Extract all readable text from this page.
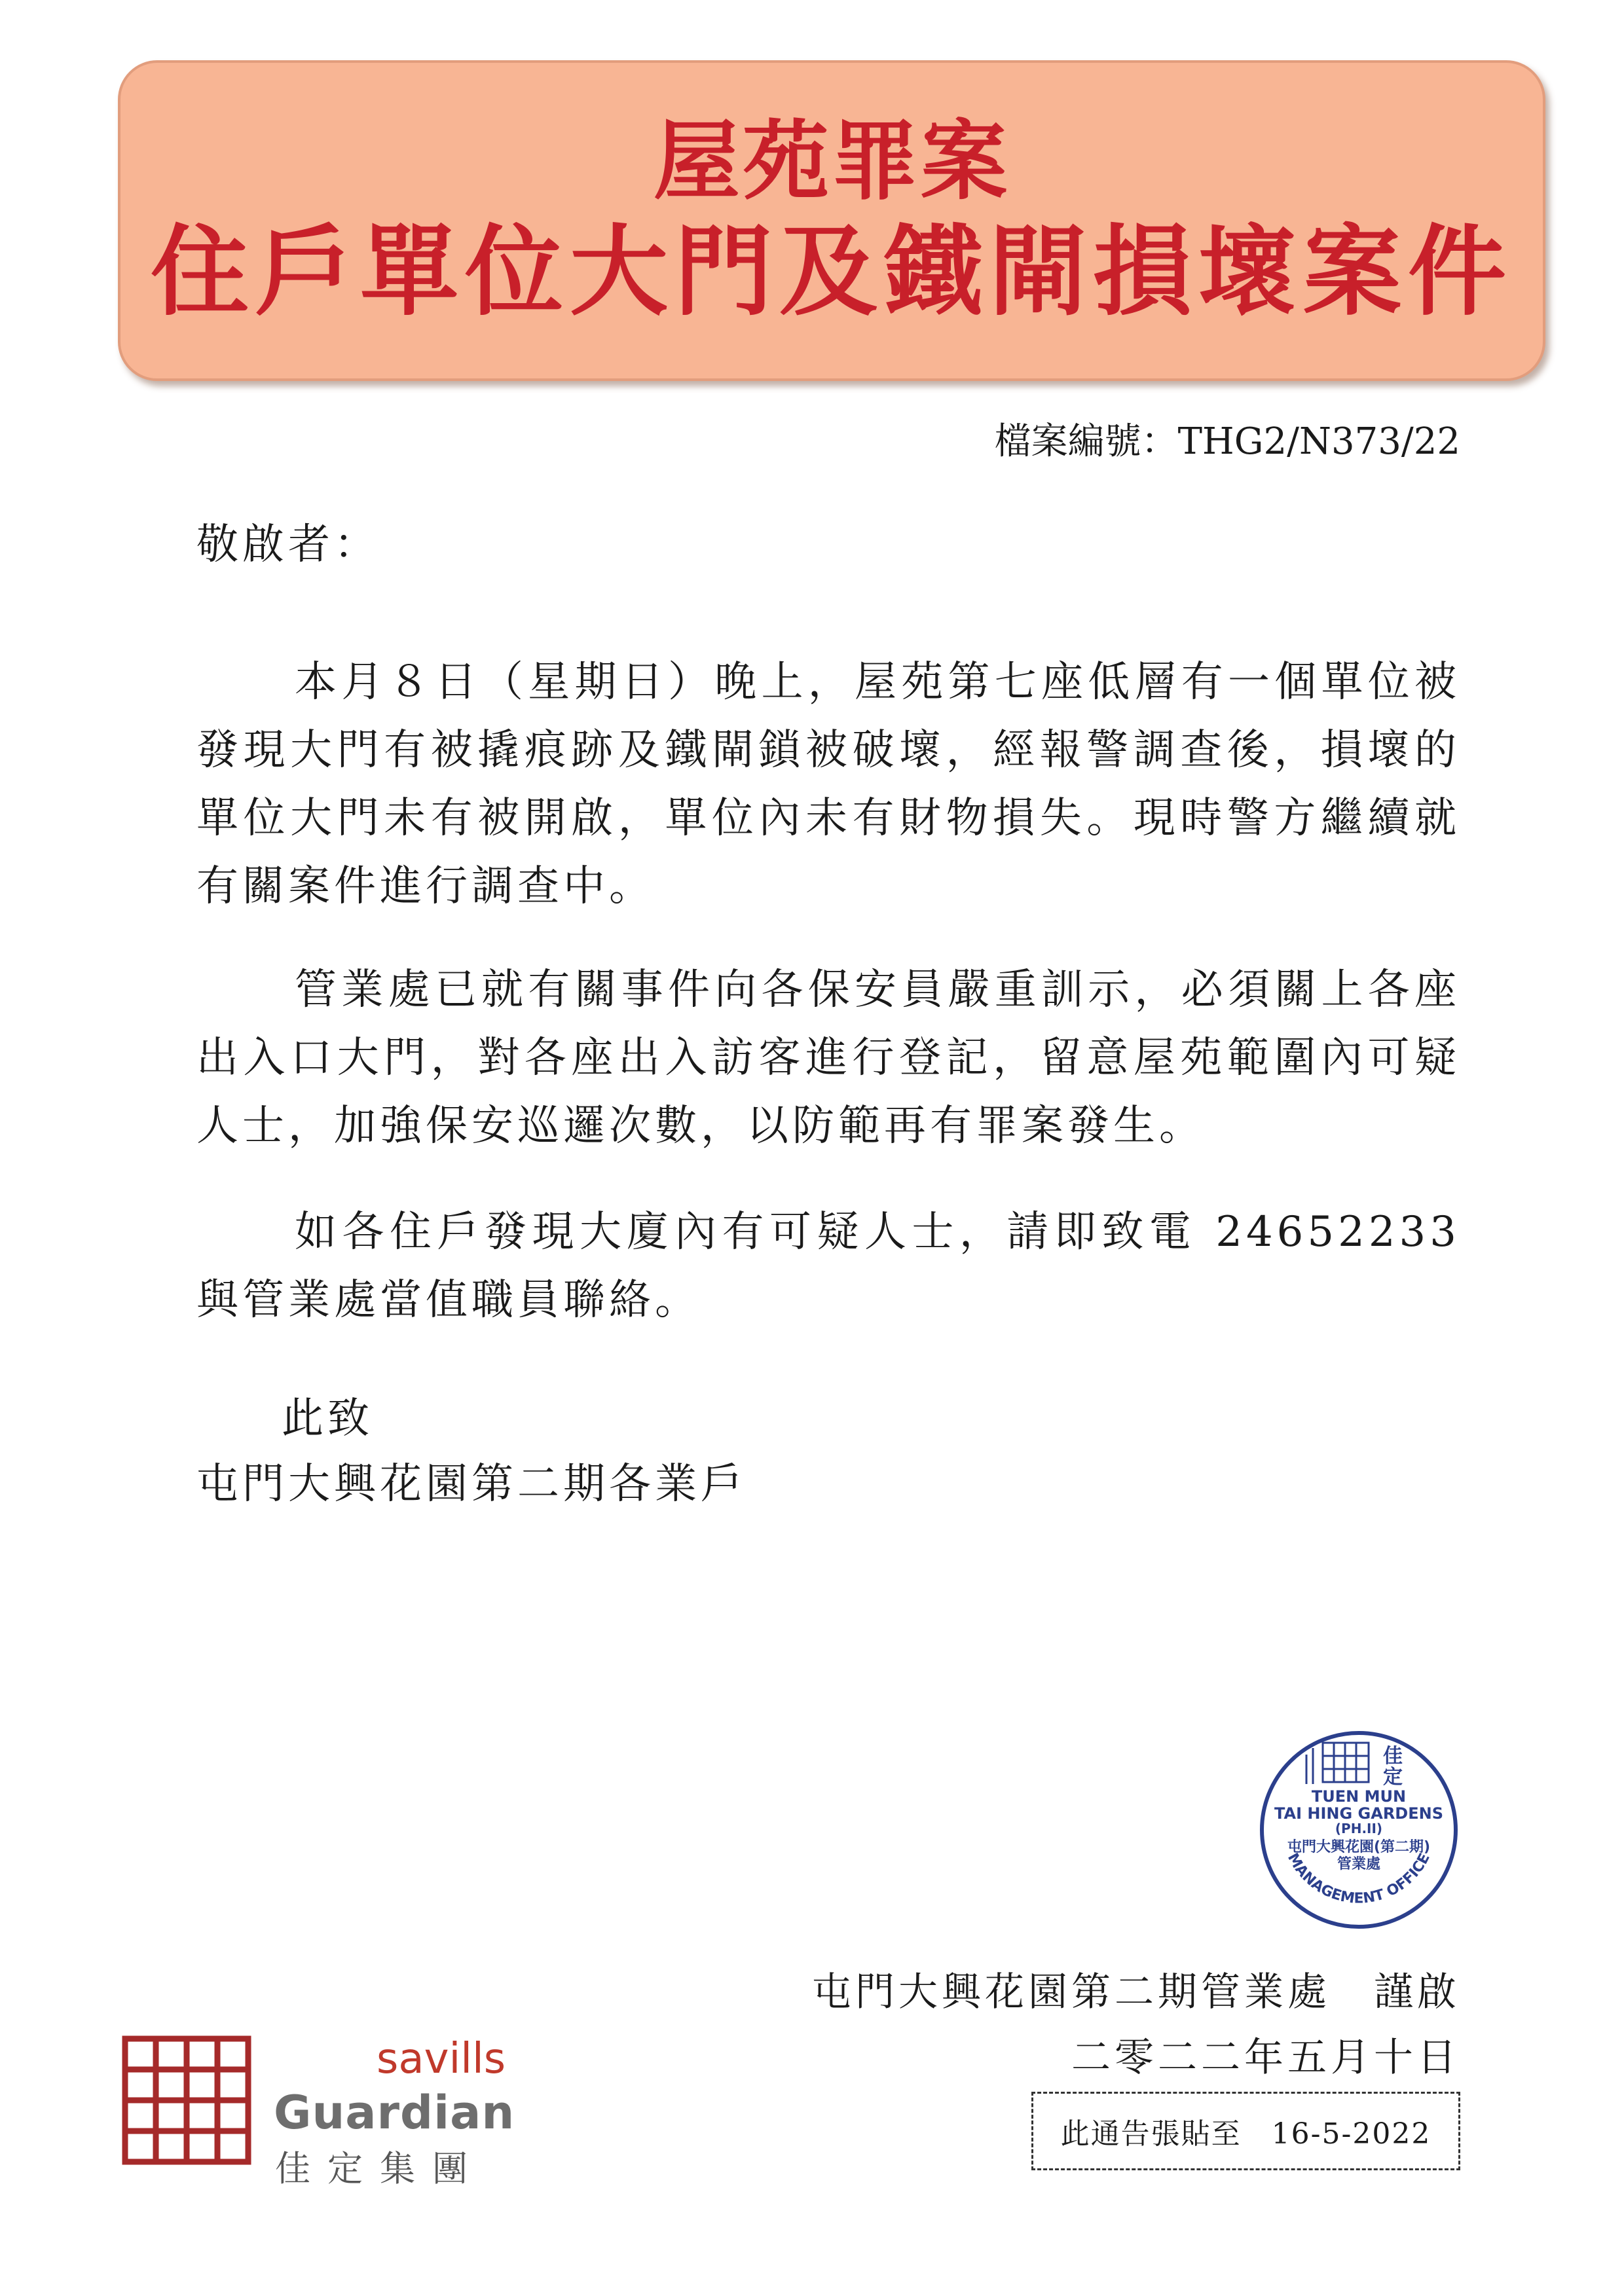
屋苑罪案
住戶單位大門及鐵閘損壞案件
檔案編號：THG2/N373/22
敬啟者：

本月８日（星期日）晚上，屋苑第七座低層有一個單位被發現大門有被撬痕跡及鐵閘鎖被破壞，經報警調查後，損壞的單位大門未有被開啟，單位內未有財物損失。現時警方繼續就有關案件進行調查中。

管業處已就有關事件向各保安員嚴重訓示，必須關上各座出入口大門，對各座出入訪客進行登記，留意屋苑範圍內可疑人士，加強保安巡邏次數，以防範再有罪案發生。

如各住戶發現大廈內有可疑人士，請即致電 24652233 與管業處當值職員聯絡。

此致
屯門大興花園第二期各業戶
佳
定
TUEN MUN
TAI HING GARDENS
(PH.II)
屯門大興花園(第二期)
管業處
MANAGEMENT OFFICE
屯門大興花園第二期管業處　謹啟
二零二二年五月十日
此通告張貼至　16-5-2022
savills
Guardian
佳定集團
